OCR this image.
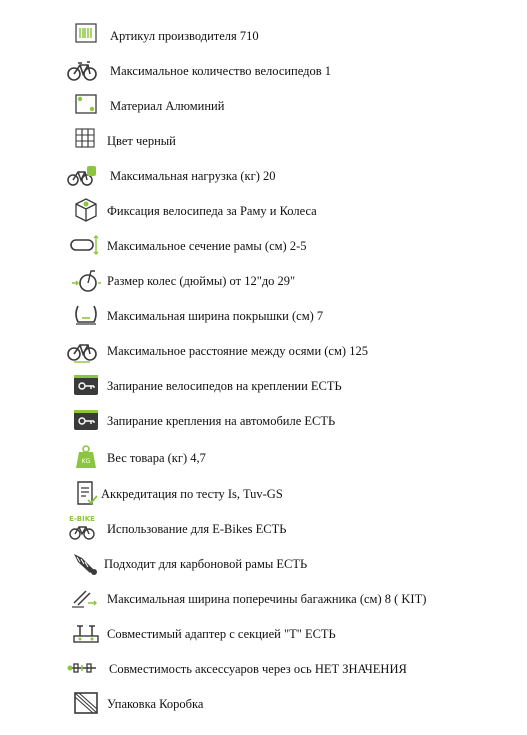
Артикул производителя 710
Максимальное количество велосипедов 1
Материал Алюминий
Цвет черный
Максимальная нагрузка (кг) 20
Фиксация велосипеда за Раму и Колеса
Максимальное сечение рамы (см) 2-5
Размер колес (дюймы) от 12"до 29"
Максимальная ширина покрышки (см) 7
Максимальное расстояние между осями (см) 125
Запирание велосипедов на креплении ЕСТЬ
Запирание крепления на автомобиле ЕСТЬ
KG Вес товара (кг) 4,7
Аккредитация по тесту Is, Tuv-GS
E-BIKE
Использование для E-Bikes ЕСТЬ
Подходит для карбоновой рамы ЕСТЬ
Максимальная ширина поперечины багажника (см) 8 ( KIT)
Совместимый адаптер с секцией "T" ЕСТЬ
Совместимость аксессуаров через ось НЕТ ЗНАЧЕНИЯ
Упаковка Коробка
